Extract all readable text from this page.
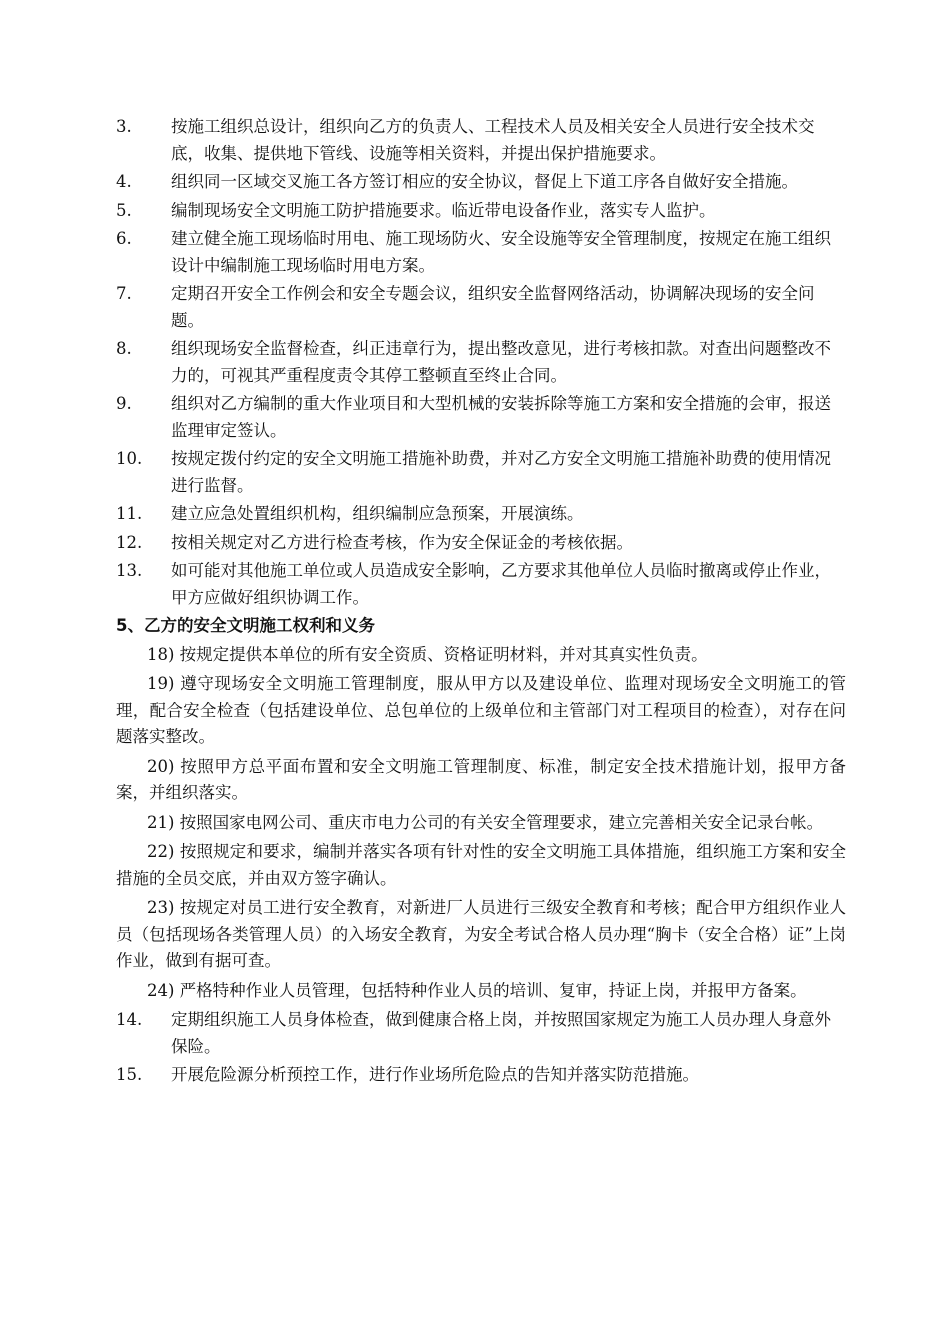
3.	按施工组织总设计，组织向乙方的负责人、工程技术人员及相关安全人员进行安全技术交底，收集、提供地下管线、设施等相关资料，并提出保护措施要求。
4.	组织同一区域交叉施工各方签订相应的安全协议，督促上下道工序各自做好安全措施。
5.	编制现场安全文明施工防护措施要求。临近带电设备作业，落实专人监护。
6.	建立健全施工现场临时用电、施工现场防火、安全设施等安全管理制度，按规定在施工组织设计中编制施工现场临时用电方案。
7.	定期召开安全工作例会和安全专题会议，组织安全监督网络活动，协调解决现场的安全问题。
8.	组织现场安全监督检查，纠正违章行为，提出整改意见，进行考核扣款。对查出问题整改不力的，可视其严重程度责令其停工整顿直至终止合同。
9.	组织对乙方编制的重大作业项目和大型机械的安装拆除等施工方案和安全措施的会审，报送监理审定签认。
10.	按规定拨付约定的安全文明施工措施补助费，并对乙方安全文明施工措施补助费的使用情况进行监督。
11.	建立应急处置组织机构，组织编制应急预案，开展演练。
12.	按相关规定对乙方进行检查考核，作为安全保证金的考核依据。
13.	如可能对其他施工单位或人员造成安全影响，乙方要求其他单位人员临时撤离或停止作业，甲方应做好组织协调工作。
5、乙方的安全文明施工权利和义务

18) 按规定提供本单位的所有安全资质、资格证明材料，并对其真实性负责。

19) 遵守现场安全文明施工管理制度，服从甲方以及建设单位、监理对现场安全文明施工的管理，配合安全检查（包括建设单位、总包单位的上级单位和主管部门对工程项目的检查），对存在问题落实整改。

20) 按照甲方总平面布置和安全文明施工管理制度、标准，制定安全技术措施计划，报甲方备案，并组织落实。

21) 按照国家电网公司、重庆市电力公司的有关安全管理要求，建立完善相关安全记录台帐。

22) 按照规定和要求，编制并落实各项有针对性的安全文明施工具体措施，组织施工方案和安全措施的全员交底，并由双方签字确认。

23) 按规定对员工进行安全教育，对新进厂人员进行三级安全教育和考核；配合甲方组织作业人员（包括现场各类管理人员）的入场安全教育，为安全考试合格人员办理“胸卡（安全合格）证”上岗作业，做到有据可查。

24) 严格特种作业人员管理，包括特种作业人员的培训、复审，持证上岗，并报甲方备案。

14.	定期组织施工人员身体检查，做到健康合格上岗，并按照国家规定为施工人员办理人身意外保险。
15.	开展危险源分析预控工作，进行作业场所危险点的告知并落实防范措施。
